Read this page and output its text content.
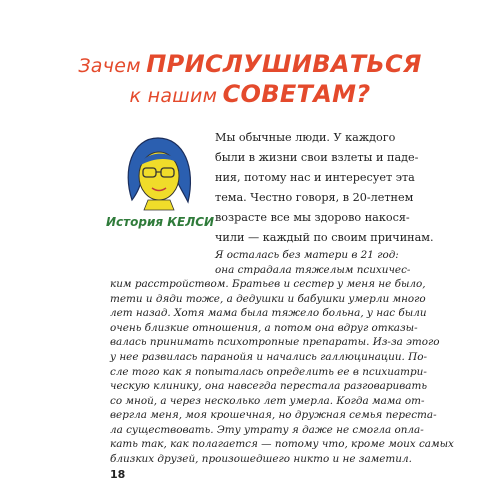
Зачем ПРИСЛУШИВАТЬСЯ
к нашим СОВЕТАМ?
История КЕЛСИ
Мы обычные люди. У каждого
были в жизни свои взлеты и паде-
ния, потому нас и интересует эта
тема. Честно говоря, в 20-летнем
возрасте все мы здорово накося-
чили — каждый по своим причинам.
Я осталась без матери в 21 год:
она страдала тяжелым психичес-
ким расстройством. Братьев и сестер у меня не было,
тети и дяди тоже, а дедушки и бабушки умерли много
лет назад. Хотя мама была тяжело больна, у нас были
очень близкие отношения, а потом она вдруг отказы-
валась принимать психотропные препараты. Из-за этого
у нее развилась паранойя и начались галлюцинации. По-
сле того как я попыталась определить ее в психиатри-
ческую клинику, она навсегда перестала разговаривать
со мной, а через несколько лет умерла. Когда мама от-
вергла меня, моя крошечная, но дружная семья перестa-
ла существовать. Эту утрату я даже не смогла опла-
кать так, как полагается — потому что, кроме моих самых
близких друзей, произошедшего никто и не заметил.
18
